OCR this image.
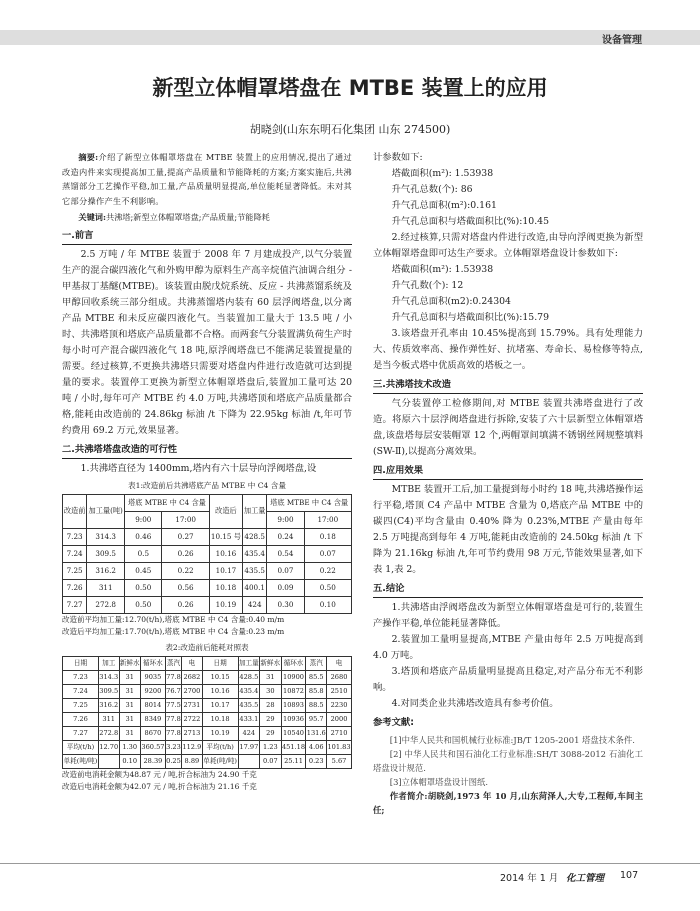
设备管理
新型立体帽罩塔盘在 MTBE 装置上的应用
胡晓剑(山东东明石化集团 山东 274500)

摘要:介绍了新型立体帽罩塔盘在 MTBE 装置上的应用情况,提出了通过改造内件来实现提高加工量,提高产品质量和节能降耗的方案;方案实施后,共沸蒸馏部分工艺操作平稳,加工量,产品质量明显提高,单位能耗显著降低。未对其它部分操作产生不利影响。

关键词:共沸塔;新型立体帽罩塔盘;产品质量;节能降耗

一.前言

2.5 万吨 / 年 MTBE 装置于 2008 年 7 月建成投产,以气分装置生产的混合碳四液化气和外购甲醇为原料生产高辛烷值汽油调合组分 - 甲基叔丁基醚(MTBE)。该装置由脱戊烷系统、反应 - 共沸蒸馏系统及甲醇回收系统三部分组成。共沸蒸馏塔内装有 60 层浮阀塔盘,以分离产品 MTBE 和未反应碳四液化气。当装置加工量大于 13.5 吨 / 小时、共沸塔顶和塔底产品质量都不合格。而两套气分装置满负荷生产时每小时可产混合碳四液化气 18 吨,原浮阀塔盘已不能满足装置提量的需要。经过核算,不更换共沸塔只需要对塔盘内件进行改造就可达到提量的要求。装置停工更换为新型立体帽罩塔盘后,装置加工量可达 20 吨 / 小时,每年可产 MTBE 约 4.0 万吨,共沸塔顶和塔底产品质量都合格,能耗由改造前的 24.86kg 标油 /t 下降为 22.95kg 标油 /t,年可节约费用 69.2 万元,效果显著。

二.共沸塔塔盘改造的可行性

1.共沸塔直径为 1400mm,塔内有六十层导向浮阀塔盘,设

表1:改造前后共沸塔底产品 MTBE 中 C4 含量
改造前	加工量(吨)	塔底 MTBE 中 C4 含量		改造后	加工量	塔底 MTBE 中 C4 含量	
		9:00	17:00			9:00	17:00
7.23	314.3	0.46	0.27	10.15 号	428.5	0.24	0.18
7.24	309.5	0.5	0.26	10.16	435.4	0.54	0.07
7.25	316.2	0.45	0.22	10.17	435.5	0.07	0.22
7.26	311	0.50	0.56	10.18	400.1	0.09	0.50
7.27	272.8	0.50	0.26	10.19	424	0.30	0.10

改造前平均加工量:12.70(t/h),塔底 MTBE 中 C4 含量:0.40 m/m

改造后平均加工量:17.70(t/h),塔底 MTBE 中 C4 含量:0.23 m/m

表2:改造前后能耗对照表
日期	加工	新鲜水	循环水	蒸汽	电	日期	加工量	新鲜水	循环水	蒸汽	电
7.23	314.3	31	9035	77.8	2682	10.15	428.5	31	10900	85.5	2680
7.24	309.5	31	9200	76.7	2700	10.16	435.4	30	10872	85.8	2510
7.25	316.2	31	8014	77.5	2731	10.17	435.5	28	10893	88.5	2230
7.26	311	31	8349	77.8	2722	10.18	433.1	29	10936	95.7	2000
7.27	272.8	31	8670	77.8	2713	10.19	424	29	10540	131.6	2710
平均(t/h)	12.70	1.30	360.57	3.23	112.9	平均(t/h)	17.97	1.23	451.18	4.06	101.83
单耗(吨/吨)		0.10	28.39	0.25	8.89	单耗(吨/吨)		0.07	25.11	0.23	5.67

改造前电消耗金额为48.87 元 / 吨,折合标油为 24.90 千克

改造后电消耗金额为42.07 元 / 吨,折合标油为 21.16 千克

计参数如下:

塔截面积(m²): 1.53938

升气孔总数(个): 86

升气孔总面积(m²):0.161

升气孔总面积与塔截面积比(%):10.45

2.经过核算,只需对塔盘内件进行改造,由导向浮阀更换为新型立体帽罩塔盘即可达生产要求。立体帽罩塔盘设计参数如下:

塔截面积(m²): 1.53938

升气孔数(个): 12

升气孔总面积(m2):0.24304

升气孔总面积与塔截面积比(%):15.79

3.该塔盘开孔率由 10.45%提高到 15.79%。具有处理能力大、传质效率高、操作弹性好、抗堵塞、寿命长、易检修等特点,是当今板式塔中优质高效的塔板之一。

三.共沸塔技术改造

气分装置停工检修期间,对 MTBE 装置共沸塔盘进行了改造。将原六十层浮阀塔盘进行拆除,安装了六十层新型立体帽罩塔盘,该盘塔每层安装帽罩 12 个,两帽罩间填满不锈钢丝网规整填料(SW-Ⅱ),以提高分离效果。

四.应用效果

MTBE 装置开工后,加工量提到每小时约 18 吨,共沸塔操作运行平稳,塔顶 C4 产品中 MTBE 含量为 0,塔底产品 MTBE 中的碳四(C4)平均含量由 0.40% 降为 0.23%,MTBE 产量由每年 2.5 万吨提高到每年 4 万吨,能耗由改造前的 24.50kg 标油 /t 下降为 21.16kg 标油 /t,年可节约费用 98 万元,节能效果显著,如下表 1,表 2。

五.结论

1.共沸塔由浮阀塔盘改为新型立体帽罩塔盘是可行的,装置生产操作平稳,单位能耗显著降低。

2.装置加工量明显提高,MTBE 产量由每年 2.5 万吨提高到 4.0 万吨。

3.塔顶和塔底产品质量明显提高且稳定,对产品分布无不利影响。

4.对同类企业共沸塔改造具有参考价值。

参考文献:

[1]中华人民共和国机械行业标准:JB/T 1205-2001 塔盘技术条件.

[2] 中华人民共和国石油化工行业标准:SH/T 3088-2012 石油化工塔盘设计规范.

[3]立体帽罩塔盘设计图纸.

作者简介:胡晓剑,1973 年 10 月,山东菏泽人,大专,工程师,车间主任;

2014 年 1 月 化工管理 107
